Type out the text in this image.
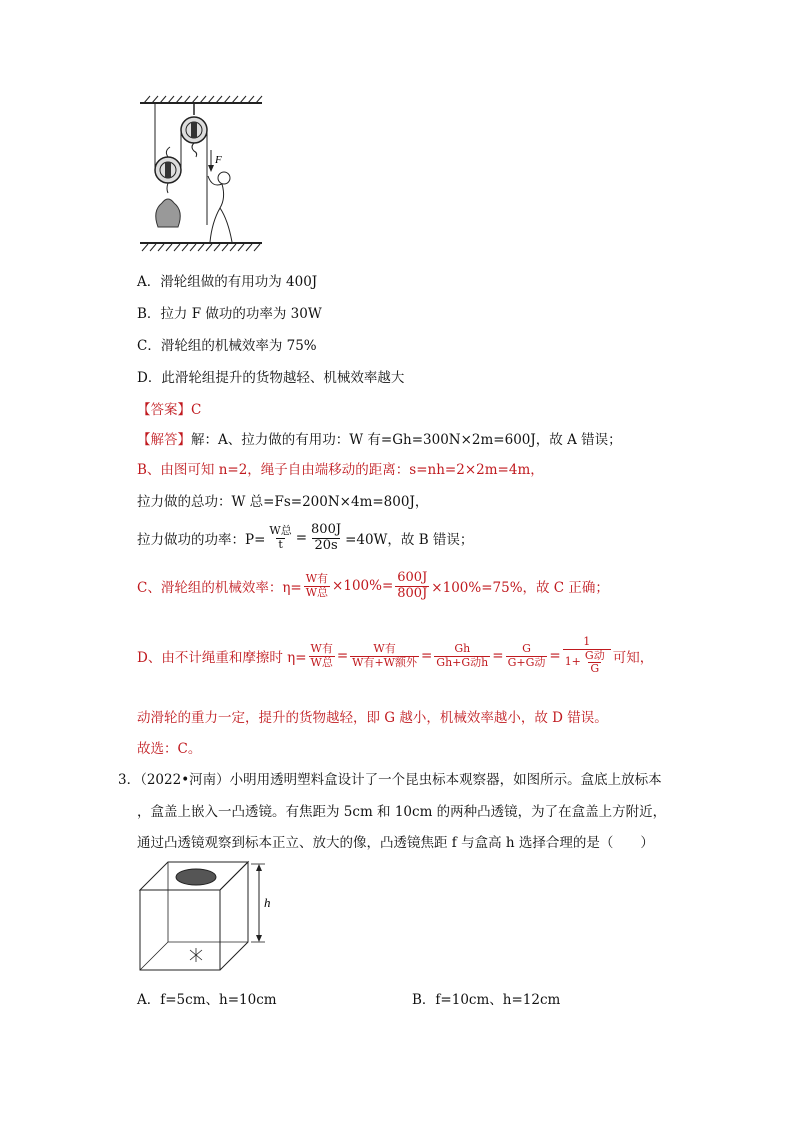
F
A．滑轮组做的有用功为 400J
B．拉力 F 做功的功率为 30W
C．滑轮组的机械效率为 75%
D．此滑轮组提升的货物越轻、机械效率越大
【答案】C
【解答】解：A、拉力做的有用功：W 有=Gh=300N×2m=600J，故 A 错误；
B、由图可知 n=2，绳子自由端移动的距离：s=nh=2×2m=4m，
拉力做的总功：W 总=Fs=200N×4m=800J，
拉力做功的功率：$P= \frac{\text{W总}}{t} = \frac{800J}{20s} =40W$，故 B 错误；
C、滑轮组的机械效率：$\eta= \frac{\text{W有}}{\text{W总}} \times 100\%= \frac{600J}{800J} \times 100\%=75\%$，故 C 正确；
D、由不计绳重和摩擦时 $\eta= \frac{\text{W有}}{\text{W总}} = \frac{\text{W有}}{\text{W有+W额外}} = \frac{Gh}{\text{Gh+G动h}} = \frac{G}{\text{G+G动}} = \frac{1}{1+ \frac{\text{G动}}{G}}$ 可知，
动滑轮的重力一定，提升的货物越轻，即 G 越小，机械效率越小，故 D 错误。
故选：C。
3．（2022•河南）小明用透明塑料盒设计了一个昆虫标本观察器，如图所示。盒底上放标本
，盒盖上嵌入一凸透镜。有焦距为 5cm 和 10cm 的两种凸透镜，为了在盒盖上方附近，
通过凸透镜观察到标本正立、放大的像，凸透镜焦距 f 与盒高 h 选择合理的是（　　）
h
A．f=5cm、h=10cm	B．f=10cm、h=12cm
